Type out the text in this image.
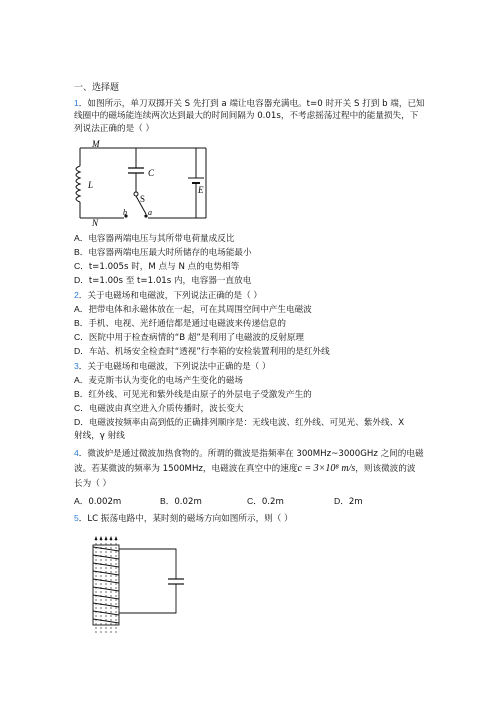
一、选择题
1．如图所示，单刀双掷开关 S 先打到 a 端让电容器充满电。t=0 时开关 S 打到 b 端，已知
线圈中的磁场能连续两次达到最大的时间间隔为 0.01s，不考虑摇荡过程中的能量损失，下
列说法正确的是（ ）
M
N
L
C
E
S
b	a
A．电容器两端电压与其所带电荷量成反比
B．电容器两端电压最大时所储存的电场能最小
C．t=1.005s 时，M 点与 N 点的电势相等
D．t=1.00s 至 t=1.01s 内，电容器一直放电
2．关于电磁场和电磁波，下列说法正确的是（ ）
A．把带电体和永磁体放在一起，可在其周围空间中产生电磁波
B．手机、电视、光纤通信都是通过电磁波来传递信息的
C．医院中用于检查病情的“B 超”是利用了电磁波的反射原理
D．车站、机场安全检查时“透视”行李箱的安检装置利用的是红外线
3．关于电磁场和电磁波，下列说法中正确的是（ ）
A．麦克斯韦认为变化的电场产生变化的磁场
B．红外线、可见光和紫外线是由原子的外层电子受激发产生的
C．电磁波由真空进入介质传播时，波长变大
D．电磁波按频率由高到低的正确排列顺序是：无线电波、红外线、可见光、紫外线、X
射线，γ 射线
4．微波炉是通过微波加热食物的。所谓的微波是指频率在 300MHz~3000GHz 之间的电磁
波。若某微波的频率为 1500MHz，电磁波在真空中的速度c = 3×10⁸ m/s，则该微波的波
长为（ ）
A．0.002m	B．0.02m	C．0.2m	D．2m
5．LC 振荡电路中，某时刻的磁场方向如图所示，则（ ）
